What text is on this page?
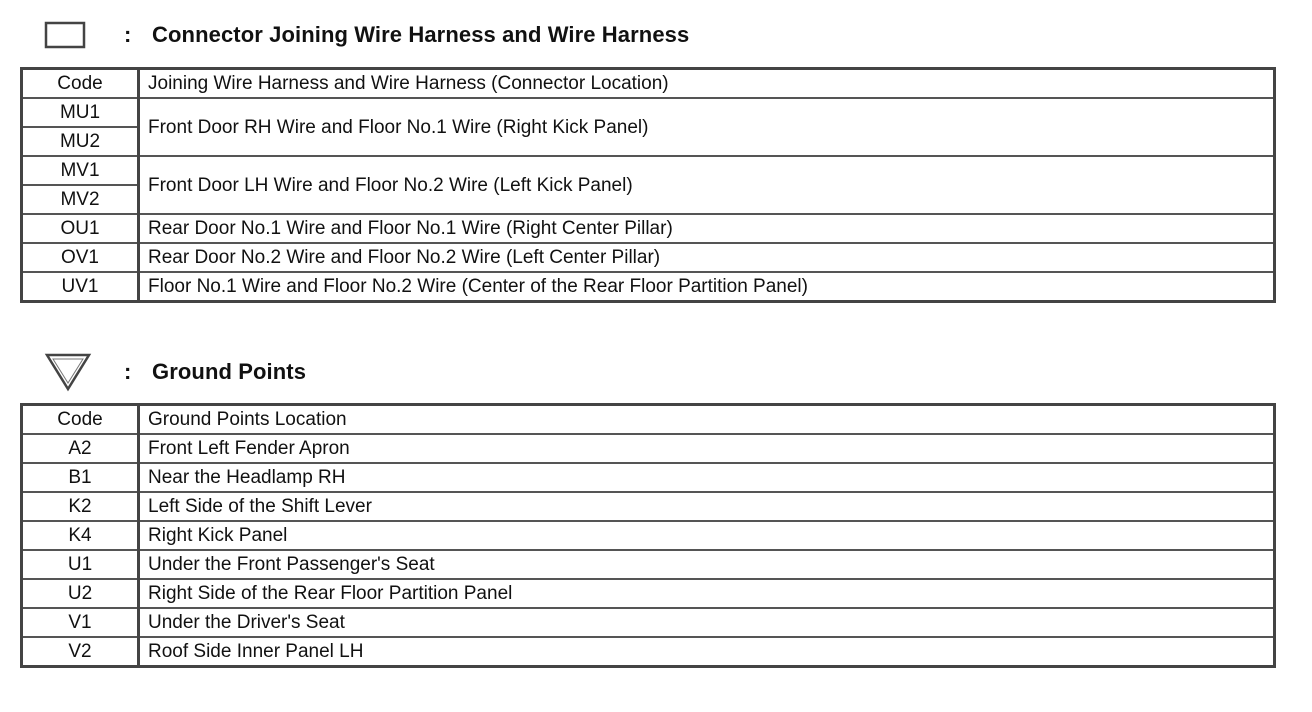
: Connector Joining Wire Harness and Wire Harness
Code	Joining Wire Harness and Wire Harness (Connector Location)
MU1	Front Door RH Wire and Floor No.1 Wire (Right Kick Panel)
MU2	
MV1	Front Door LH Wire and Floor No.2 Wire (Left Kick Panel)
MV2	
OU1	Rear Door No.1 Wire and Floor No.1 Wire (Right Center Pillar)
OV1	Rear Door No.2 Wire and Floor No.2 Wire (Left Center Pillar)
UV1	Floor No.1 Wire and Floor No.2 Wire (Center of the Rear Floor Partition Panel)
: Ground Points
Code	Ground Points Location
A2	Front Left Fender Apron
B1	Near the Headlamp RH
K2	Left Side of the Shift Lever
K4	Right Kick Panel
U1	Under the Front Passenger's Seat
U2	Right Side of the Rear Floor Partition Panel
V1	Under the Driver's Seat
V2	Roof Side Inner Panel LH
